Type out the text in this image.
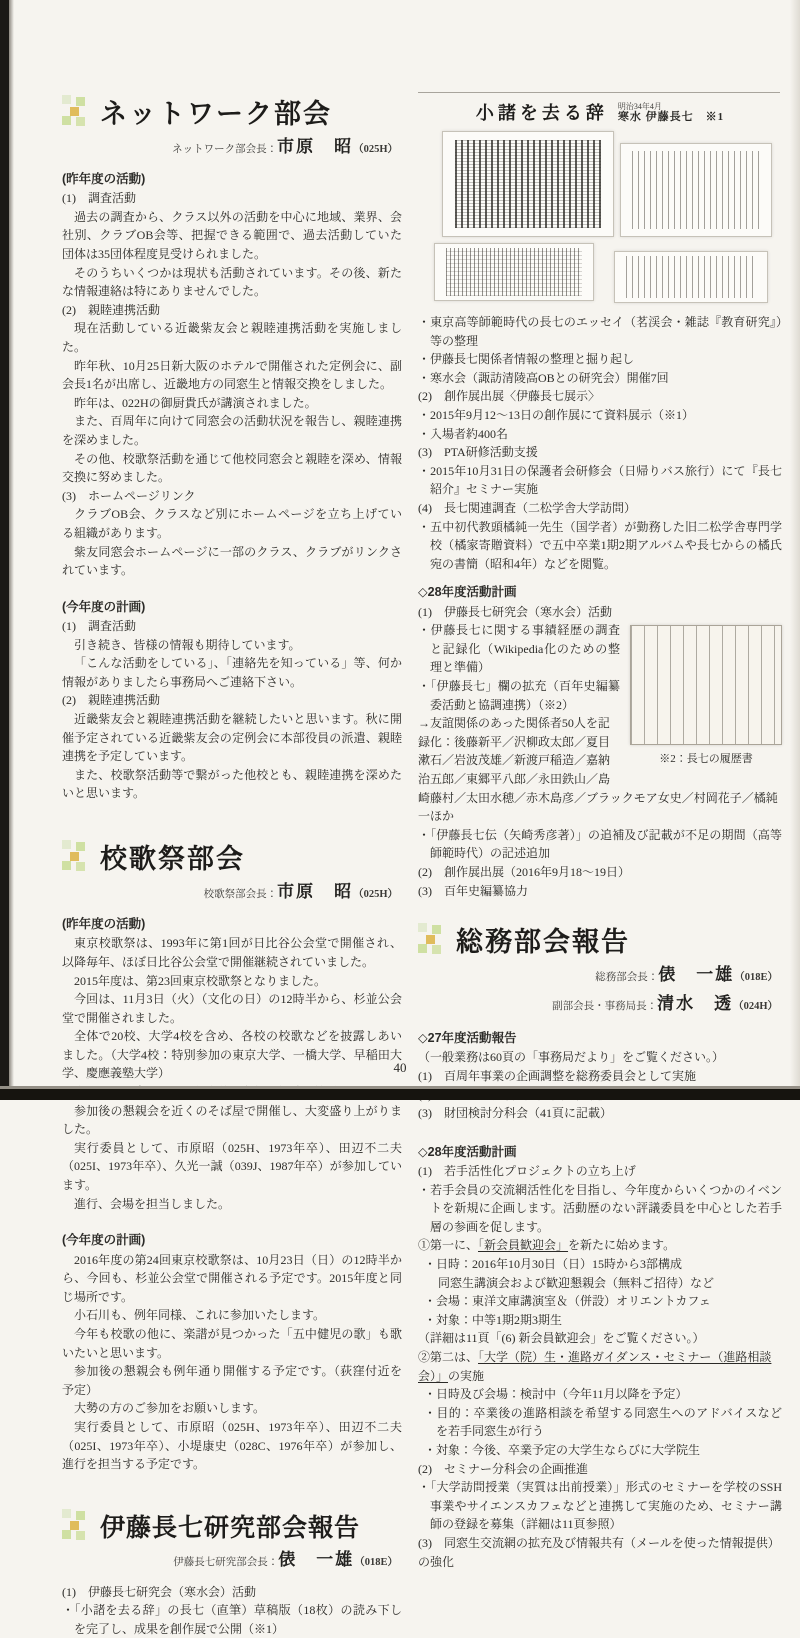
ネットワーク部会
ネットワーク部会長：市原　昭（025H）
(昨年度の活動)
(1)　調査活動
過去の調査から、クラス以外の活動を中心に地域、業界、会社別、クラブOB会等、把握できる範囲で、過去活動していた団体は35団体程度見受けられました。
そのうちいくつかは現状も活動されています。その後、新たな情報連絡は特にありませんでした。
(2)　親睦連携活動
現在活動している近畿紫友会と親睦連携活動を実施しました。
昨年秋、10月25日新大阪のホテルで開催された定例会に、副会長1名が出席し、近畿地方の同窓生と情報交換をしました。
昨年は、022Hの御厨貴氏が講演されました。
また、百周年に向けて同窓会の活動状況を報告し、親睦連携を深めました。
その他、校歌祭活動を通じて他校同窓会と親睦を深め、情報交換に努めました。
(3)　ホームページリンク
クラブOB会、クラスなど別にホームページを立ち上げている組織があります。
紫友同窓会ホームページに一部のクラス、クラブがリンクされています。
(今年度の計画)
(1)　調査活動
引き続き、皆様の情報も期待しています。
「こんな活動をしている」、「連絡先を知っている」等、何か情報がありましたら事務局へご連絡下さい。
(2)　親睦連携活動
近畿紫友会と親睦連携活動を継続したいと思います。秋に開催予定されている近畿紫友会の定例会に本部役員の派遣、親睦連携を予定しています。
また、校歌祭活動等で繋がった他校とも、親睦連携を深めたいと思います。
校歌祭部会
校歌祭部会長：市原　昭（025H）
(昨年度の活動)
東京校歌祭は、1993年に第1回が日比谷公会堂で開催され、以降毎年、ほぼ日比谷公会堂で開催継続されていました。
2015年度は、第23回東京校歌祭となりました。
今回は、11月3日（火）（文化の日）の12時半から、杉並公会堂で開催されました。
全体で20校、大学4校を含め、各校の校歌などを披露しあいました。（大学4校：特別参加の東京大学、一橋大学、早稲田大学、慶應義塾大学）
参加後の懇親会を近くのそば屋で開催し、大変盛り上がりました。
実行委員として、市原昭（025H、1973年卒）、田辺不二夫（025I、1973年卒）、久光一誠（039J、1987年卒）が参加しています。
進行、会場を担当しました。
(今年度の計画)
2016年度の第24回東京校歌祭は、10月23日（日）の12時半から、今回も、杉並公会堂で開催される予定です。2015年度と同じ場所です。
小石川も、例年同様、これに参加いたします。
今年も校歌の他に、楽譜が見つかった「五中健児の歌」も歌いたいと思います。
参加後の懇親会も例年通り開催する予定です。（荻窪付近を予定）
大勢の方のご参加をお願いします。
実行委員として、市原昭（025H、1973年卒）、田辺不二夫（025I、1973年卒）、小堤康史（028C、1976年卒）が参加し、進行を担当する予定です。
伊藤長七研究部会報告
伊藤長七研究部会長：俵　一雄（018E）
(1)　伊藤長七研究会（寒水会）活動
・「小諸を去る辞」の長七（直筆）草稿版（18枚）の読み下しを完了し、成果を創作展で公開（※1）
小諸を去る辞 明治34年4月
寒水 伊藤長七　※1
・東京高等師範時代の長七のエッセイ（茗渓会・雑誌『教育研究』）等の整理
・伊藤長七関係者情報の整理と掘り起し
・寒水会（諏訪清陵高OBとの研究会）開催7回
(2)　創作展出展〈伊藤長七展示〉
・2015年9月12～13日の創作展にて資料展示（※1）
・入場者約400名
(3)　PTA研修活動支援
・2015年10月31日の保護者会研修会（日帰りバス旅行）にて『長七紹介』セミナー実施
(4)　長七関連調査（二松学舎大学訪問）
・五中初代教頭橘純一先生（国学者）が勤務した旧二松学舎専門学校（橘家寄贈資料）で五中卒業1期2期アルバムや長七からの橘氏宛の書簡（昭和4年）などを閲覧。
◇28年度活動計画
(1)　伊藤長七研究会（寒水会）活動
※2：長七の履歴書
・伊藤長七に関する事績経歴の調査と記録化（Wikipedia化のための整理と準備）
・「伊藤長七」欄の拡充（百年史編纂委活動と協調連携）（※2）
→友誼関係のあった関係者50人を記録化：後藤新平／沢柳政太郎／夏目漱石／岩波茂雄／新渡戸稲造／嘉納治五郎／東郷平八郎／永田鉄山／島崎藤村／太田水穂／赤木島彦／ブラックモア女史／村岡花子／橘純一ほか
・「伊藤長七伝（矢崎秀彦著）」の追補及び記載が不足の期間（高等師範時代）の記述追加
(2)　創作展出展（2016年9月18～19日）
(3)　百年史編纂協力
総務部会報告
総務部会長：俵　一雄（018E）
副部会長・事務局長：清水　透（024H）
◇27年度活動報告
（一般業務は60頁の「事務局だより」をご覧ください。）
(1)　百周年事業の企画調整を総務委員会として実施
(3)　財団検討分科会（41頁に記載）
◇28年度活動計画
(1)　若手活性化プロジェクトの立ち上げ
・若手会員の交流網活性化を目指し、今年度からいくつかのイベントを新規に企画します。活動歴のない評議委員を中心とした若手層の参画を促します。
①第一に、「新会員歓迎会」を新たに始めます。
・日時：2016年10月30日（日）15時から3部構成
同窓生講演会および歓迎懇親会（無料ご招待）など
・会場：東洋文庫講演室＆（併設）オリエントカフェ
・対象：中等1期2期3期生
（詳細は11頁「(6) 新会員歓迎会」をご覧ください。）
②第二は、「大学（院）生・進路ガイダンス・セミナー（進路相談会）」の実施
・日時及び会場：検討中（今年11月以降を予定）
・目的：卒業後の進路相談を希望する同窓生へのアドバイスなどを若手同窓生が行う
・対象：今後、卒業予定の大学生ならびに大学院生
(2)　セミナー分科会の企画推進
・「大学訪問授業（実質は出前授業）」形式のセミナーを学校のSSH事業やサイエンスカフェなどと連携して実施のため、セミナー講師の登録を募集（詳細は11頁参照）
(3)　同窓生交流網の拡充及び情報共有（メールを使った情報提供）の強化
40
